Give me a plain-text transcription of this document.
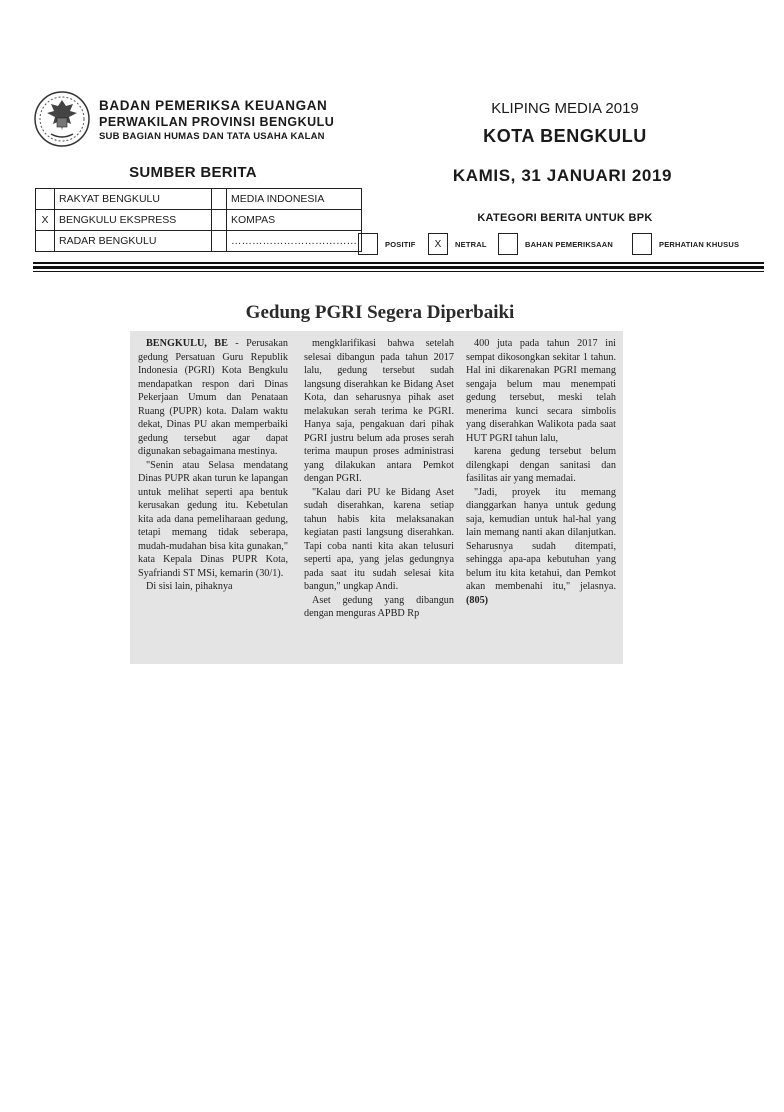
BADAN PEMERIKSA KEUANGAN
PERWAKILAN PROVINSI BENGKULU
SUB BAGIAN HUMAS DAN TATA USAHA KALAN
KLIPING MEDIA 2019
KOTA BENGKULU
KAMIS, 31 JANUARI 2019
SUMBER BERITA
	RAKYAT BENGKULU		MEDIA INDONESIA
X	BENGKULU EKSPRESS		KOMPAS
	RADAR BENGKULU		………………………………
KATEGORI BERITA UNTUK BPK
POSITIF	X	NETRAL	BAHAN PEMERIKSAAN	PERHATIAN KHUSUS
Gedung PGRI Segera Diperbaiki

BENGKULU, BE - Perusakan gedung Persatuan Guru Republik Indonesia (PGRI) Kota Bengkulu mendapatkan respon dari Dinas Pekerjaan Umum dan Penataan Ruang (PUPR) kota. Dalam waktu dekat, Dinas PU akan memperbaiki gedung tersebut agar dapat digunakan sebagaimana mestinya.

"Senin atau Selasa mendatang Dinas PUPR akan turun ke lapangan untuk melihat seperti apa bentuk kerusakan gedung itu. Kebetulan kita ada dana pemeliharaan gedung, tetapi memang tidak seberapa, mudah-mudahan bisa kita gunakan," kata Kepala Dinas PUPR Kota, Syafriandi ST MSi, kemarin (30/1).

Di sisi lain, pihaknya

mengklarifikasi bahwa setelah selesai dibangun pada tahun 2017 lalu, gedung tersebut sudah langsung diserahkan ke Bidang Aset Kota, dan seharusnya pihak aset melakukan serah terima ke PGRI. Hanya saja, pengakuan dari pihak PGRI justru belum ada proses serah terima maupun proses administrasi yang dilakukan antara Pemkot dengan PGRI.

"Kalau dari PU ke Bidang Aset sudah diserahkan, karena setiap tahun habis kita melaksanakan kegiatan pasti langsung diserahkan. Tapi coba nanti kita akan telusuri seperti apa, yang jelas gedungnya pada saat itu sudah selesai kita bangun," ungkap Andi.

Aset gedung yang dibangun dengan menguras APBD Rp

400 juta pada tahun 2017 ini sempat dikosongkan sekitar 1 tahun. Hal ini dikarenakan PGRI memang sengaja belum mau menempati gedung tersebut, meski telah menerima kunci secara simbolis yang diserahkan Walikota pada saat HUT PGRI tahun lalu,

karena gedung tersebut belum dilengkapi dengan sanitasi dan fasilitas air yang memadai.

"Jadi, proyek itu memang dianggarkan hanya untuk gedung saja, kemudian untuk hal-hal yang lain memang nanti akan dilanjutkan. Seharusnya sudah ditempati, sehingga apa-apa kebutuhan yang belum itu kita ketahui, dan Pemkot akan membenahi itu," jelasnya. (805)
